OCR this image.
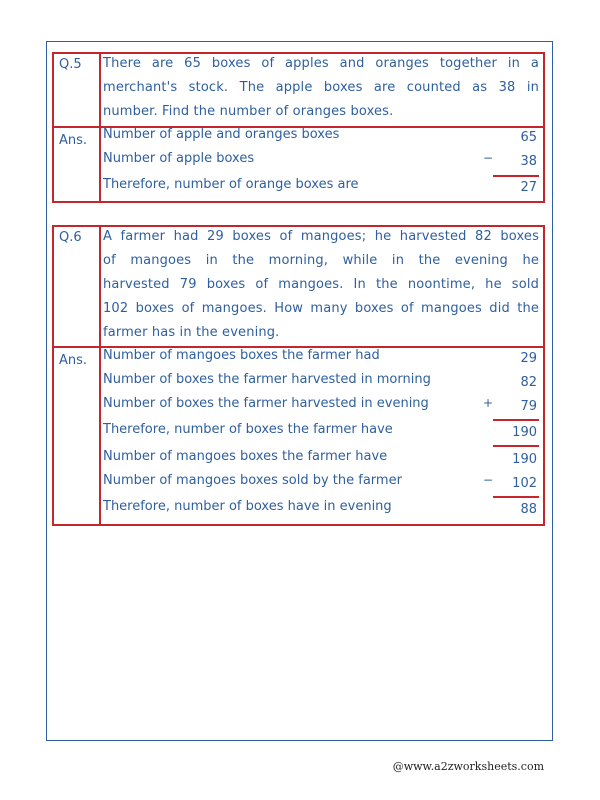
Q.5	There are 65 boxes of apples and oranges together in a
merchant's stock. The apple boxes are counted as 38 in
number. Find the number of oranges boxes.
Ans.	Number of apple and oranges boxes	65
Number of apple boxes	− 38
Therefore, number of orange boxes are	27
Q.6	A farmer had 29 boxes of mangoes; he harvested 82 boxes
of mangoes in the morning, while in the evening he
harvested 79 boxes of mangoes. In the noontime, he sold
102 boxes of mangoes. How many boxes of mangoes did the
farmer has in the evening.
Ans.	Number of mangoes boxes the farmer had	29
Number of boxes the farmer harvested in morning	82
Number of boxes the farmer harvested in evening	+ 79
Therefore, number of boxes the farmer have	190
Number of mangoes boxes the farmer have	190
Number of mangoes boxes sold by the farmer	− 102
Therefore, number of boxes have in evening	88
@www.a2zworksheets.com
